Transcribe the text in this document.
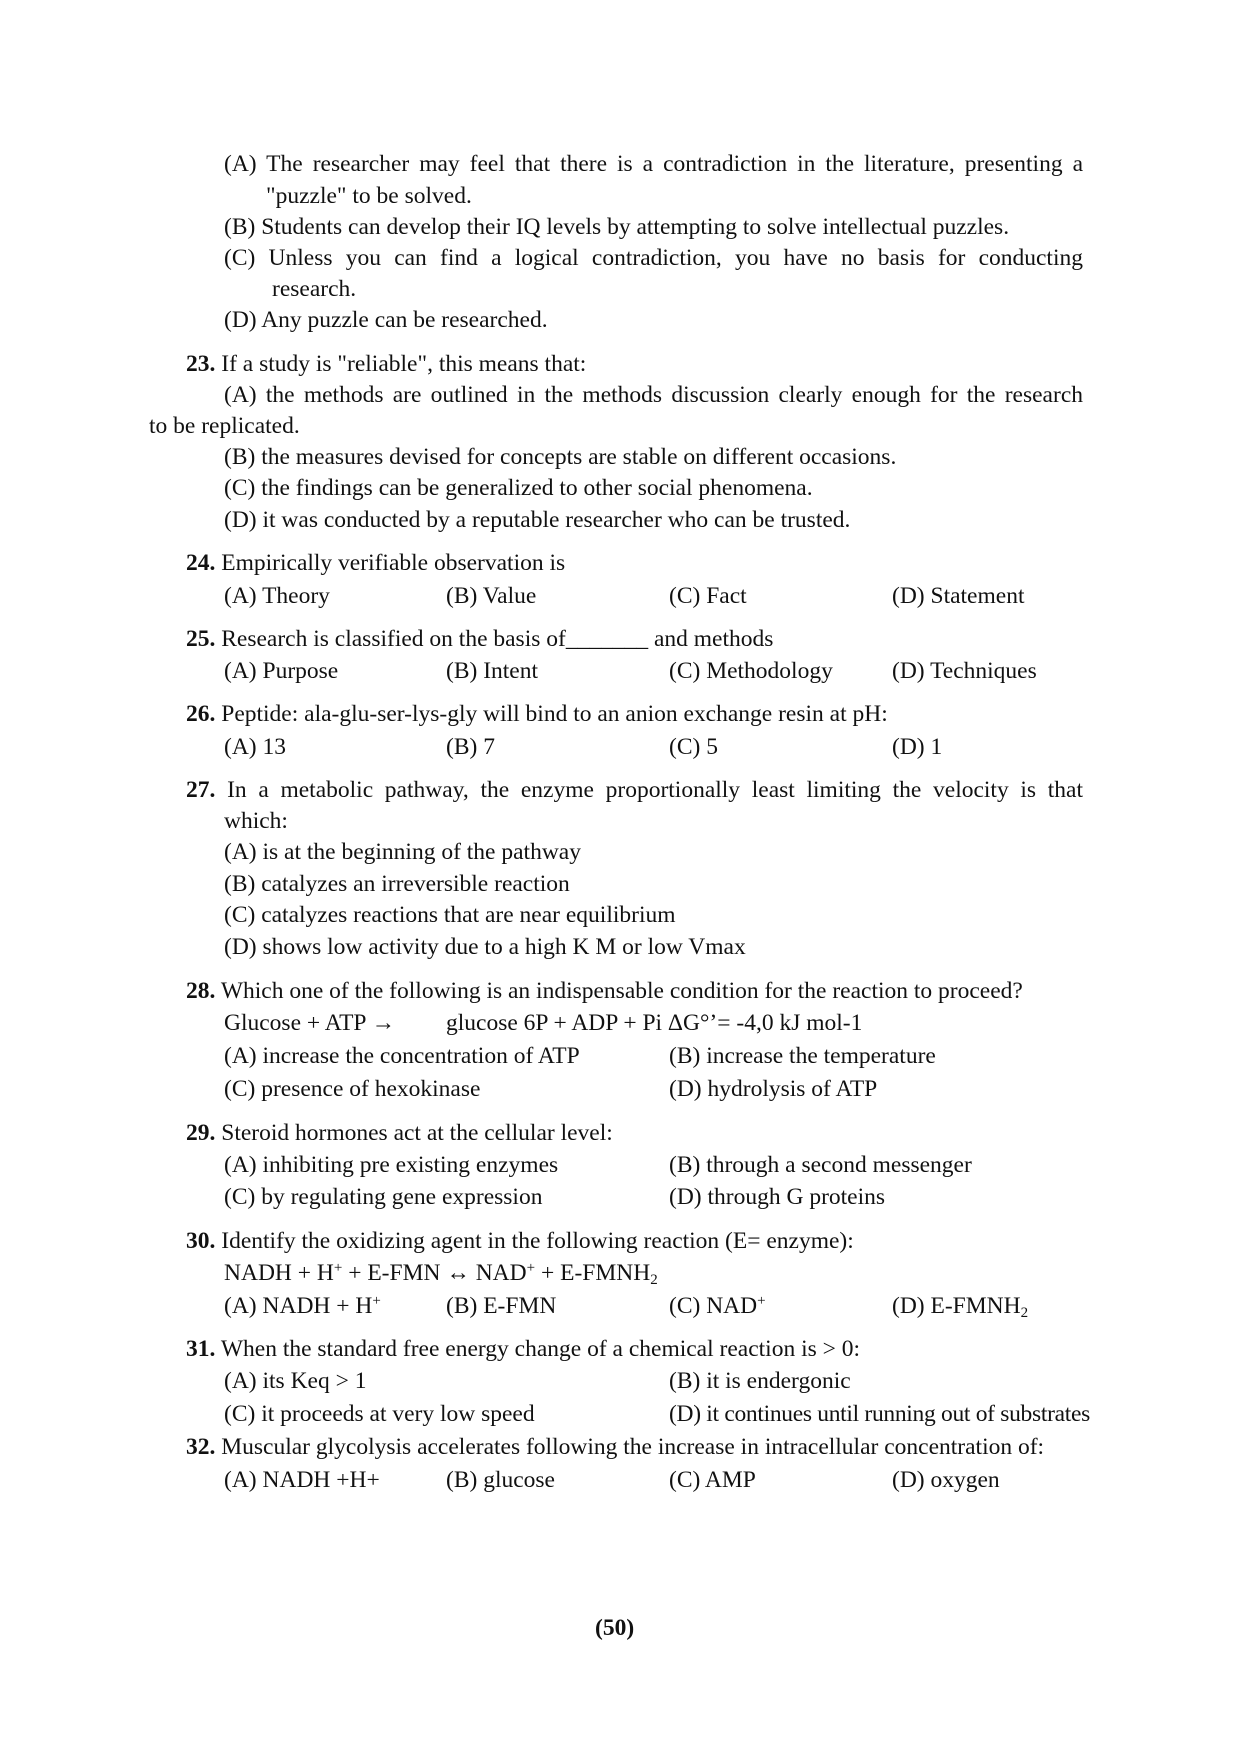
(A) The researcher may feel that there is a contradiction in the literature, presenting a
"puzzle" to be solved.
(B) Students can develop their IQ levels by attempting to solve intellectual puzzles.
(C) Unless you can find a logical contradiction, you have no basis for conducting
research.
(D) Any puzzle can be researched.
23. If a study is "reliable", this means that:
(A) the methods are outlined in the methods discussion clearly enough for the research
to be replicated.
(B) the measures devised for concepts are stable on different occasions.
(C) the findings can be generalized to other social phenomena.
(D) it was conducted by a reputable researcher who can be trusted.
24. Empirically verifiable observation is
(A) Theory	(B) Value	(C) Fact	(D) Statement
25. Research is classified on the basis of_______ and methods
(A) Purpose	(B) Intent	(C) Methodology	(D) Techniques
26. Peptide: ala-glu-ser-lys-gly will bind to an anion exchange resin at pH:
(A) 13	(B) 7	(C) 5	(D) 1
27. In a metabolic pathway, the enzyme proportionally least limiting the velocity is that
which:
(A) is at the beginning of the pathway
(B) catalyzes an irreversible reaction
(C) catalyzes reactions that are near equilibrium
(D) shows low activity due to a high K M or low Vmax
28. Which one of the following is an indispensable condition for the reaction to proceed?
Glucose + ATP → glucose 6P + ADP + Pi ΔG°’= -4,0 kJ mol-1
(A) increase the concentration of ATP	(B) increase the temperature
(C) presence of hexokinase	(D) hydrolysis of ATP
29. Steroid hormones act at the cellular level:
(A) inhibiting pre existing enzymes	(B) through a second messenger
(C) by regulating gene expression	(D) through G proteins
30. Identify the oxidizing agent in the following reaction (E= enzyme):
NADH + H+ + E-FMN ↔ $NAD^+ + E-FMNH_2$
(A) NADH + H+	(B) E-FMN	(C) NAD+	(D) $E-FMNH_2$
31. When the standard free energy change of a chemical reaction is > 0:
(A) its Keq > 1	(B) it is endergonic
(C) it proceeds at very low speed	(D) it continues until running out of substrates
32. Muscular glycolysis accelerates following the increase in intracellular concentration of:
(A) NADH +H+	(B) glucose	(C) AMP	(D) oxygen
(50)
